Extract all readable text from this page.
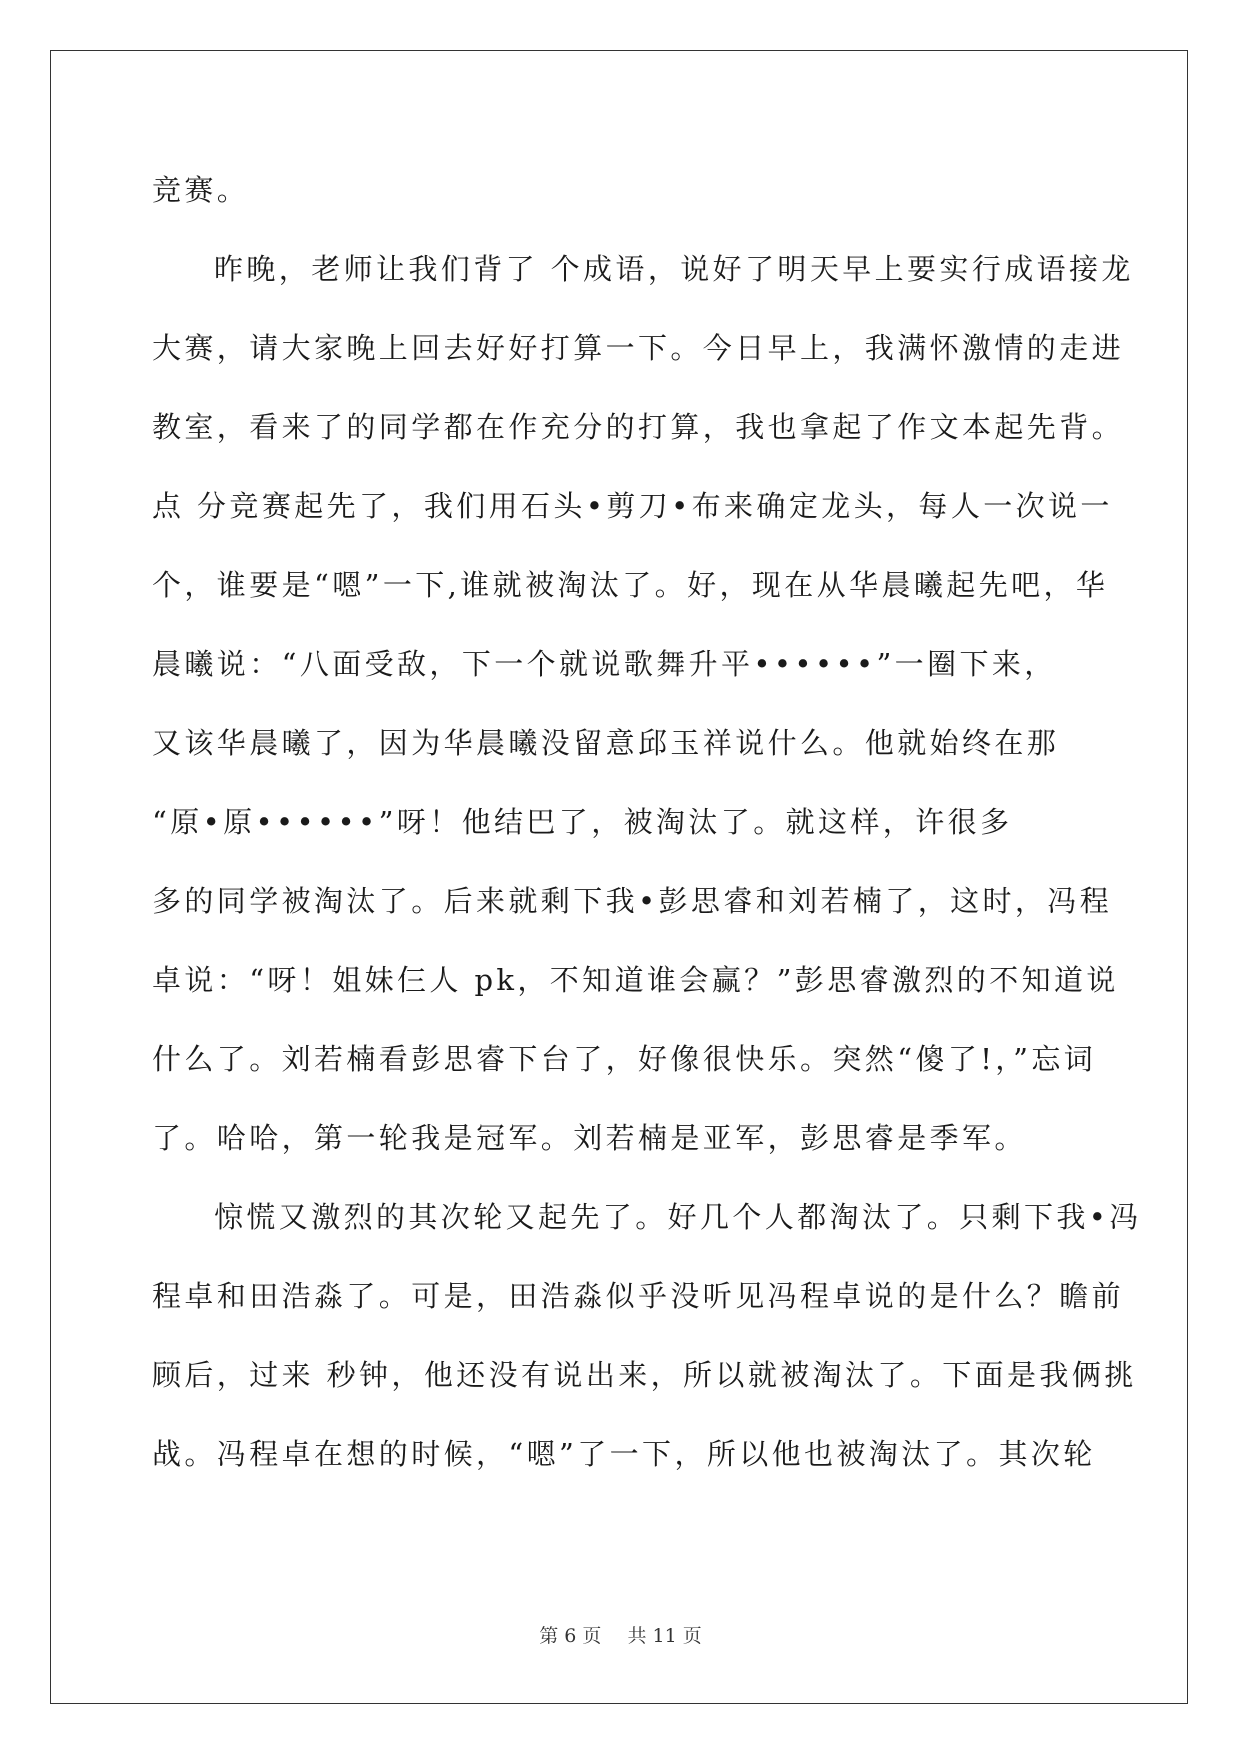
竞赛。
昨晚，老师让我们背了 个成语，说好了明天早上要实行成语接龙
大赛，请大家晚上回去好好打算一下。今日早上，我满怀激情的走进
教室，看来了的同学都在作充分的打算，我也拿起了作文本起先背。
点 分竞赛起先了，我们用石头•剪刀•布来确定龙头，每人一次说一
个，谁要是“嗯”一下,谁就被淘汰了。好，现在从华晨曦起先吧，华
晨曦说：“八面受敌，下一个就说歌舞升平••••••”一圈下来，
又该华晨曦了，因为华晨曦没留意邱玉祥说什么。他就始终在那
“原•原••••••”呀！他结巴了，被淘汰了。就这样，许很多
多的同学被淘汰了。后来就剩下我•彭思睿和刘若楠了，这时，冯程
卓说：“呀！姐妹仨人 pk，不知道谁会赢？”彭思睿激烈的不知道说
什么了。刘若楠看彭思睿下台了，好像很快乐。突然“傻了!，”忘词
了。哈哈，第一轮我是冠军。刘若楠是亚军，彭思睿是季军。
惊慌又激烈的其次轮又起先了。好几个人都淘汰了。只剩下我•冯
程卓和田浩淼了。可是，田浩淼似乎没听见冯程卓说的是什么？瞻前
顾后，过来 秒钟，他还没有说出来，所以就被淘汰了。下面是我俩挑
战。冯程卓在想的时候，“嗯”了一下，所以他也被淘汰了。其次轮
第 6 页 共 11 页
